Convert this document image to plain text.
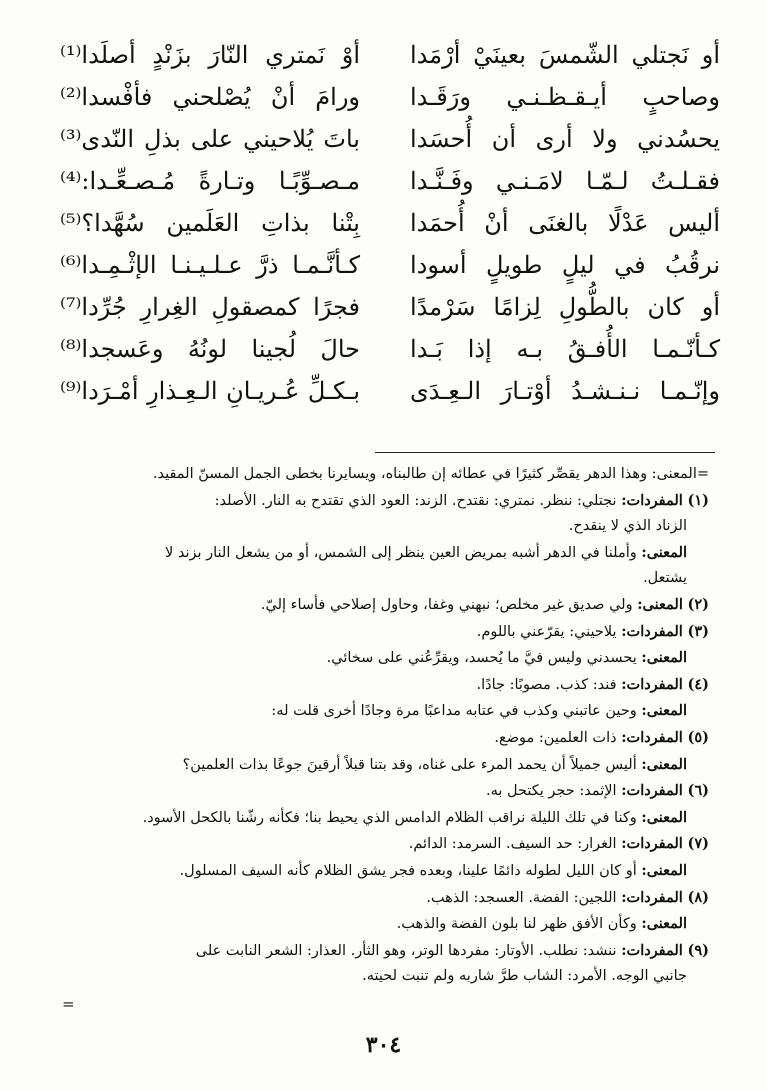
أو نَجتلي الشّمسَ بعينَيْ أرْمَدا
أوْ نَمتري النّارَ بزَنْدٍ أصلَدا⁽¹⁾
وصاحبٍ أيـقـظـنـي ورَقَـدا
ورامَ أنْ يُصْلحني فأفْسدا⁽²⁾
يحسُدني ولا أرى أن أُحسَدا
باتَ يُلاحيني على بذلِ النّدى⁽³⁾
فقـلـتُ لـمّـا لامَـنـي وفَـنَّـدا
مـصـوِّبًـا وتـارةً مُـصـعِّـدا:⁽⁴⁾
أليس عَدْلًا بالغنَى أنْ أُحمَدا
بِتْنا بذاتِ العَلَمين سُهَّدا؟⁽⁵⁾
نرقُبُ في ليلٍ طويلٍ أسودا
كـأنَّـمـا ذرَّ عـلـيـنـا الإثْـمِـدا⁽⁶⁾
أو كان بالطُّولِ لِزامًا سَرْمدًا
فجرًا كمصقولِ الغِرارِ جُرِّدا⁽⁷⁾
كـأنّـمـا الأُفـقُ بـه إذا بَـدا
حالَ لُجينا لونُهُ وعَسجدا⁽⁸⁾
وإنّـمـا نـنـشـدُ أوْتـارَ الـعِـدَى
بـكـلِّ عُـريـانِ الـعِـذارِ أمْـرَدا⁽⁹⁾
=المعنى: وهذا الدهر يقصِّر كثيرًا في عطائه إن طالبناه، ويسايرنا بخطى الجمل المسنّ المقيد.
(١) المفردات: نجتلي: ننظر. نمتري: نقتدح. الزند: العود الذي تقتدح به النار. الأصلد:
الزناد الذي لا ينقدح.
المعنى: وأملنا في الدهر أشبه بمريض العين ينظر إلى الشمس، أو من يشعل النار بزند لا
يشتعل.
(٢) المعنى: ولي صديق غير مخلص؛ نبهني وغفا، وحاول إصلاحي فأساء إليّ.
(٣) المفردات: يلاحيني: يقرّعني باللوم.
المعنى: يحسدني وليس فيَّ ما يُحسد، ويقرِّعُني على سخائي.
(٤) المفردات: فند: كذب. مصوبًا: جادًا.
المعنى: وحين عاتبني وكذب في عتابه مداعبًا مرة وجادًا أخرى قلت له:
(٥) المفردات: ذات العلمين: موضع.
المعنى: أليس جميلاً أن يحمد المرء على غناه، وقد بتنا قبلاً أرقينَ جوعًا بذات العلمين؟
(٦) المفردات: الإثمد: حجر يكتحل به.
المعنى: وكنا في تلك الليلة نراقب الظلام الدامس الذي يحيط بنا؛ فكأنه رشّنا بالكحل الأسود.
(٧) المفردات: الغرار: حد السيف. السرمد: الدائم.
المعنى: أو كان الليل لطوله دائمًا علينا، وبعده فجر يشق الظلام كأنه السيف المسلول.
(٨) المفردات: اللجين: الفضة. العسجد: الذهب.
المعنى: وكأن الأفق ظهر لنا بلون الفضة والذهب.
(٩) المفردات: ننشد: نطلب. الأوتار: مفردها الوتر، وهو الثأر. العذار: الشعر النابت على
جانبي الوجه. الأمرد: الشاب طرَّ شاربه ولم تنبت لحيته.
=
٣٠٤
